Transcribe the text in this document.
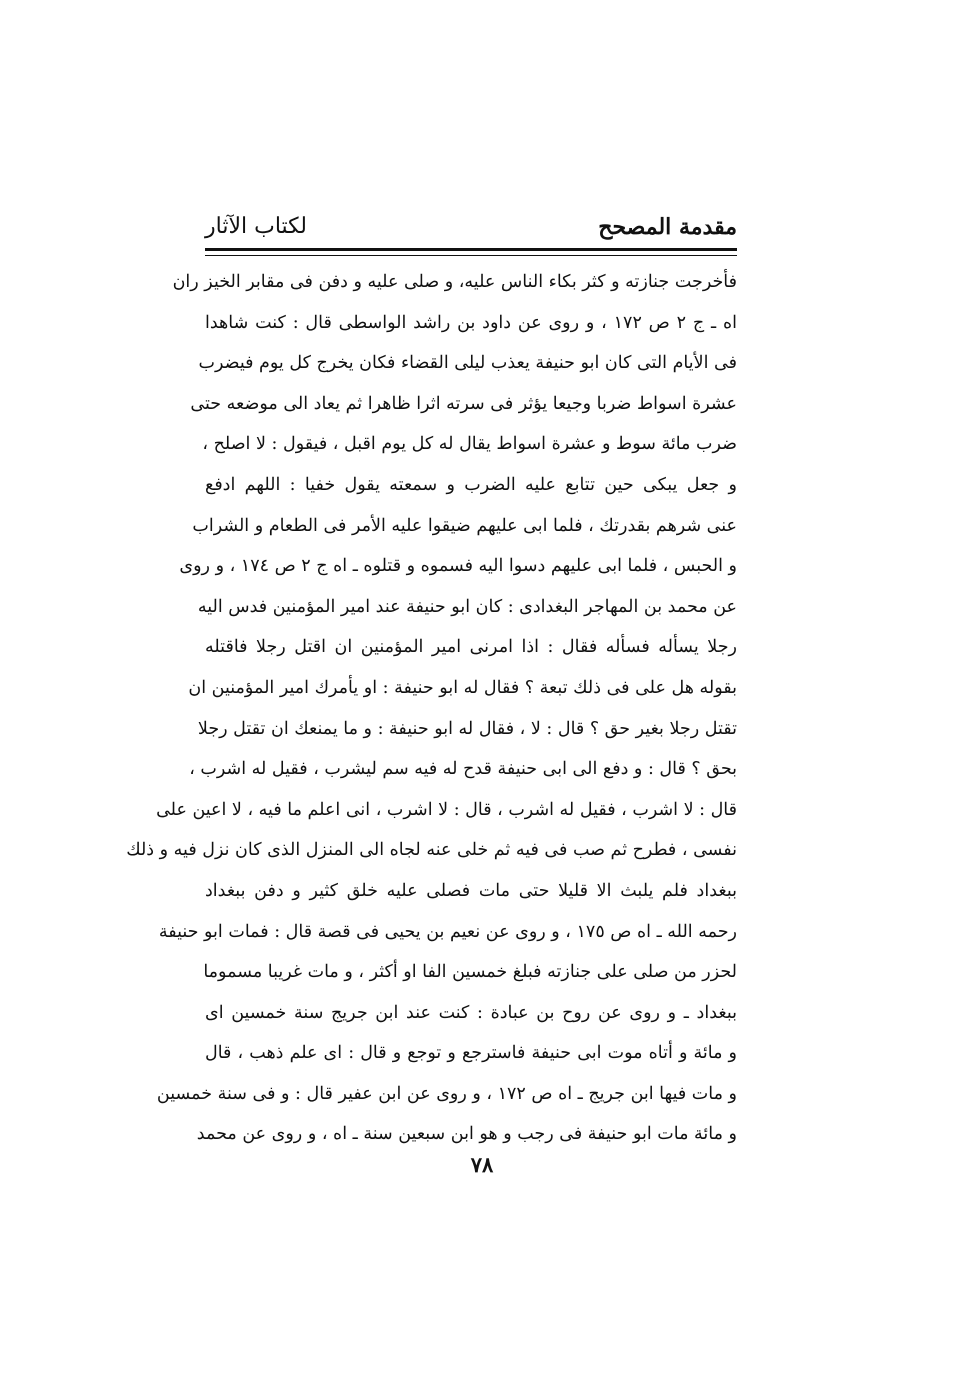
مقدمة المصحح
لكتاب الآثار
فأخرجت جنازته و كثر بكاء الناس عليه، و صلى عليه و دفن فى مقابر الخيز ران
اه ـ ج ٢ ص ١٧٢ ، و روى عن داود بن راشد الواسطى قال : كنت شاهدا
فى الأيام التى كان ابو حنيفة يعذب ليلى القضاء فكان يخرج كل يوم فيضرب
عشرة اسواط ضربا وجيعا يؤثر فى سرته اثرا ظاهرا ثم يعاد الى موضعه حتى
ضرب مائة سوط و عشرة اسواط يقال له كل يوم اقبل ، فيقول : لا اصلح ،
و جعل يبكى حين تتابع عليه الضرب و سمعته يقول خفيا : اللهم ادفع
عنى شرهم بقدرتك ، فلما ابى عليهم ضيقوا عليه الأمر فى الطعام و الشراب
و الحبس ، فلما ابى عليهم دسوا اليه فسموه و قتلوه ـ اه ج ٢ ص ١٧٤ ، و روى
عن محمد بن المهاجر البغدادى : كان ابو حنيفة عند امير المؤمنين فدس اليه
رجلا يسأله فسأله فقال : اذا امرنى امير المؤمنين ان اقتل رجلا فاقتله
بقوله هل على فى ذلك تبعة ؟ فقال له ابو حنيفة : او يأمرك امير المؤمنين ان
تقتل رجلا بغير حق ؟ قال : لا ، فقال له ابو حنيفة : و ما يمنعك ان تقتل رجلا
بحق ؟ قال : و دفع الى ابى حنيفة قدح له فيه سم ليشرب ، فقيل له اشرب ،
قال : لا اشرب ، فقيل له اشرب ، قال : لا اشرب ، انى اعلم ما فيه ، لا اعين على
نفسى ، فطرح ثم صب فى فيه ثم خلى عنه لجاه الى المنزل الذى كان نزل فيه و ذلك
ببغداد فلم يلبث الا قليلا حتى مات فصلى عليه خلق كثير و دفن ببغداد
رحمه الله ـ اه ص ١٧٥ ، و روى عن نعيم بن يحيى فى قصة قال : فمات ابو حنيفة
لحزر من صلى على جنازته فبلغ خمسين الفا او أكثر ، و مات غريبا مسموما
ببغداد ـ و روى عن روح بن عبادة : كنت عند ابن جريج سنة خمسين اى
و مائة و أتاه موت ابى حنيفة فاسترجع و توجع و قال : اى علم ذهب ، قال
و مات فيها ابن جريج ـ اه ص ١٧٢ ، و روى عن ابن عفير قال : و فى سنة خمسين
و مائة مات ابو حنيفة فى رجب و هو ابن سبعين سنة ـ اه ، و روى عن محمد
٧٨
